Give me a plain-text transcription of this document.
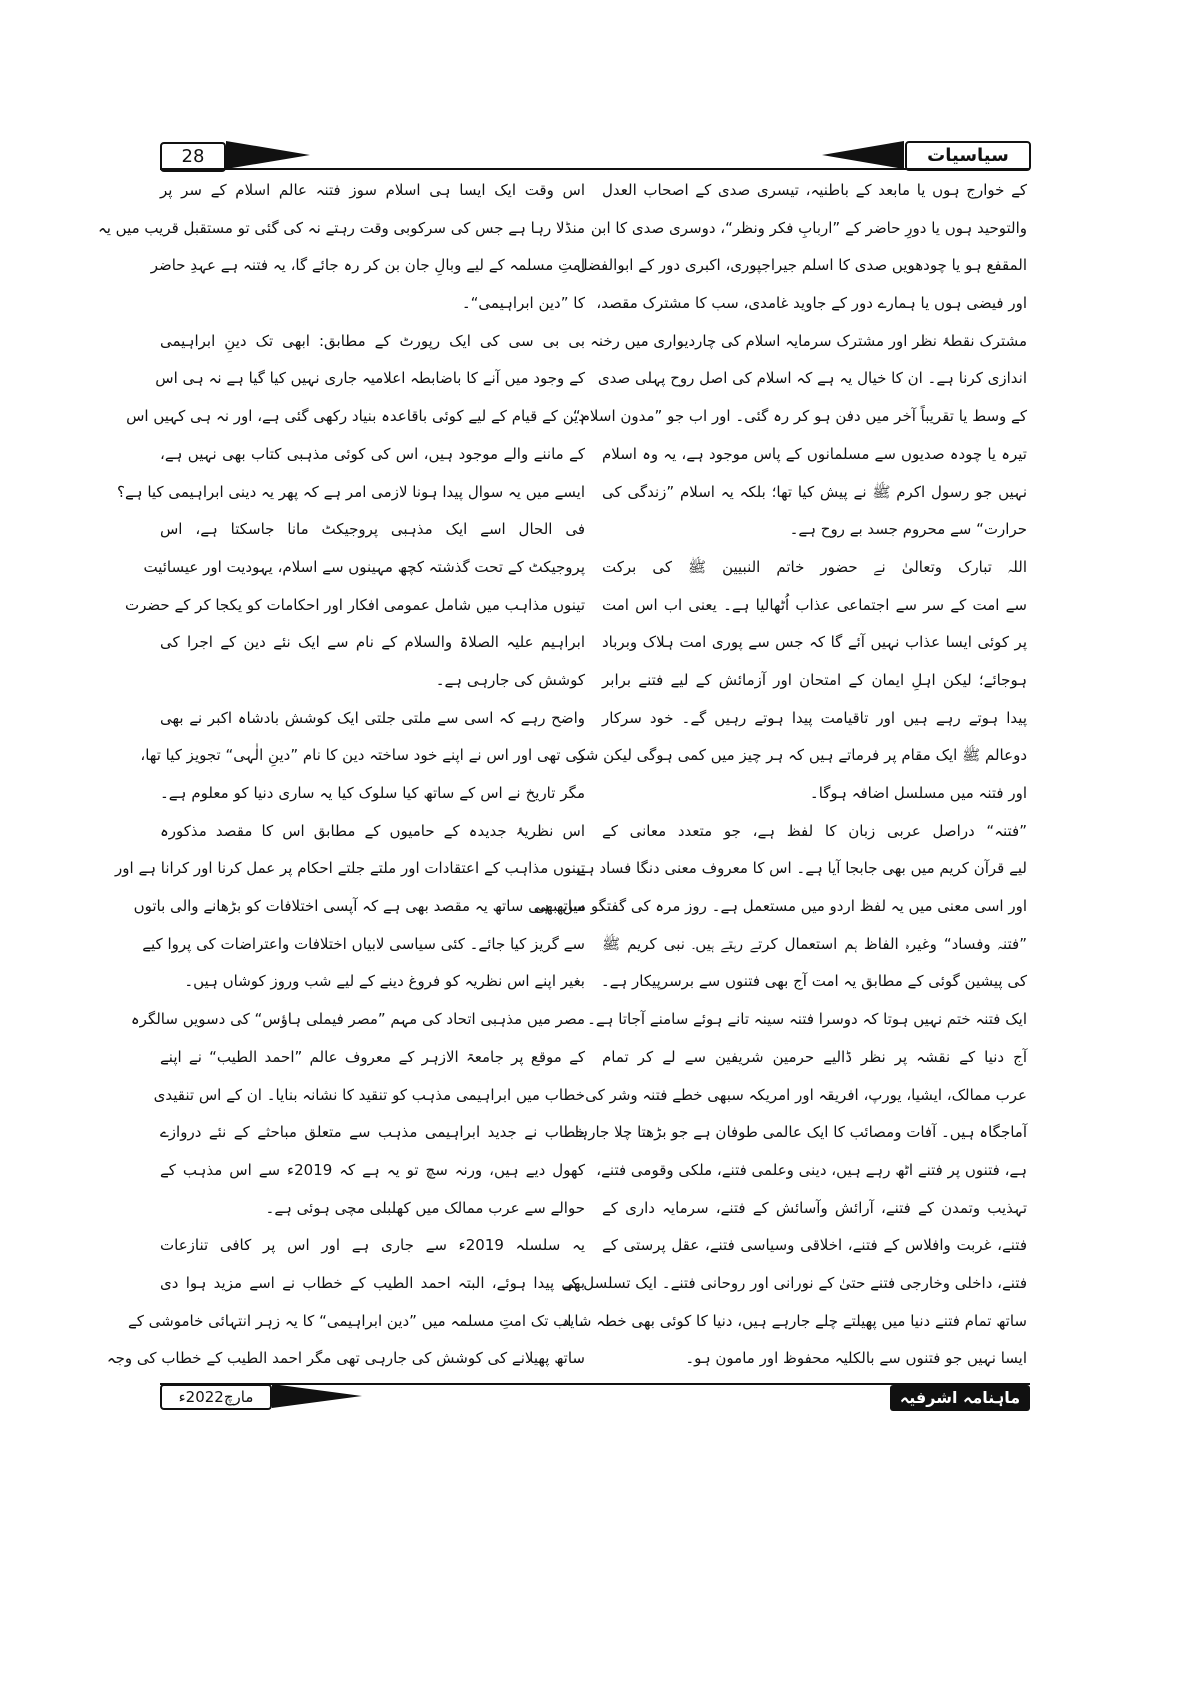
28	سیاسیات
کے خوارج ہوں یا مابعد کے باطنیہ، تیسری صدی کے اصحاب العدل
والتوحید ہوں یا دورِ حاضر کے ”اربابِ فکر ونظر“، دوسری صدی کا ابن
المقفع ہو یا چودھویں صدی کا اسلم جیراجپوری، اکبری دور کے ابوالفضل
اور فیضی ہوں یا ہمارے دور کے جاوید غامدی، سب کا مشترک مقصد،
مشترک نقطۂ نظر اور مشترک سرمایہ اسلام کی چاردیواری میں رخنہ
اندازی کرنا ہے۔ ان کا خیال یہ ہے کہ اسلام کی اصل روح پہلی صدی
کے وسط یا تقریباً آخر میں دفن ہو کر رہ گئی۔ اور اب جو ”مدون اسلام“
تیرہ یا چودہ صدیوں سے مسلمانوں کے پاس موجود ہے، یہ وہ اسلام
نہیں جو رسول اکرم ﷺ نے پیش کیا تھا؛ بلکہ یہ اسلام ”زندگی کی
حرارت“ سے محروم جسد بے روح ہے۔
اللہ تبارک وتعالیٰ نے حضور خاتم النبیین ﷺ کی برکت
سے امت کے سر سے اجتماعی عذاب اُٹھالیا ہے۔ یعنی اب اس امت
پر کوئی ایسا عذاب نہیں آئے گا کہ جس سے پوری امت ہلاک وبرباد
ہوجائے؛ لیکن اہلِ ایمان کے امتحان اور آزمائش کے لیے فتنے برابر
پیدا ہوتے رہے ہیں اور تاقیامت پیدا ہوتے رہیں گے۔ خود سرکار
دوعالم ﷺ ایک مقام پر فرماتے ہیں کہ ہر چیز میں کمی ہوگی لیکن شر
اور فتنہ میں مسلسل اضافہ ہوگا۔
”فتنہ“ دراصل عربی زبان کا لفظ ہے، جو متعدد معانی کے
لیے قرآن کریم میں بھی جابجا آیا ہے۔ اس کا معروف معنی دنگا فساد ہے
اور اسی معنی میں یہ لفظ اردو میں مستعمل ہے۔ روز مرہ کی گفتگو میں بھی
”فتنہ وفساد“ وغیرہ الفاظ ہم استعمال کرتے رہتے ہیں۔ نبی کریم ﷺ
کی پیشین گوئی کے مطابق یہ امت آج بھی فتنوں سے برسرپیکار ہے۔
ایک فتنہ ختم نہیں ہوتا کہ دوسرا فتنہ سینہ تانے ہوئے سامنے آجاتا ہے۔
آج دنیا کے نقشہ پر نظر ڈالیے حرمین شریفین سے لے کر تمام
عرب ممالک، ایشیا، یورپ، افریقہ اور امریکہ سبھی خطے فتنہ وشر کی
آماجگاہ ہیں۔ آفات ومصائب کا ایک عالمی طوفان ہے جو بڑھتا چلا جارہا
ہے، فتنوں پر فتنے اٹھ رہے ہیں، دینی وعلمی فتنے، ملکی وقومی فتنے،
تہذیب وتمدن کے فتنے، آرائش وآسائش کے فتنے، سرمایہ داری کے
فتنے، غربت وافلاس کے فتنے، اخلاقی وسیاسی فتنے، عقل پرستی کے
فتنے، داخلی وخارجی فتنے حتیٰ کے نورانی اور روحانی فتنے۔ ایک تسلسل کے
ساتھ تمام فتنے دنیا میں پھیلتے چلے جارہے ہیں، دنیا کا کوئی بھی خطہ شاید
ایسا نہیں جو فتنوں سے بالکلیہ محفوظ اور مامون ہو۔
اس وقت ایک ایسا ہی اسلام سوز فتنہ عالم اسلام کے سر پر
منڈلا رہا ہے جس کی سرکوبی وقت رہتے نہ کی گئی تو مستقبل قریب میں یہ
امتِ مسلمہ کے لیے وبالِ جان بن کر رہ جائے گا، یہ فتنہ ہے عہدِ حاضر
کا ”دین ابراہیمی“۔
بی بی سی کی ایک رپورٹ کے مطابق: ابھی تک دینِ ابراہیمی
کے وجود میں آنے کا باضابطہ اعلامیہ جاری نہیں کیا گیا ہے نہ ہی اس
دین کے قیام کے لیے کوئی باقاعدہ بنیاد رکھی گئی ہے، اور نہ ہی کہیں اس
کے ماننے والے موجود ہیں، اس کی کوئی مذہبی کتاب بھی نہیں ہے،
ایسے میں یہ سوال پیدا ہونا لازمی امر ہے کہ پھر یہ دینی ابراہیمی کیا ہے؟
فی الحال اسے ایک مذہبی پروجیکٹ مانا جاسکتا ہے، اس
پروجیکٹ کے تحت گذشتہ کچھ مہینوں سے اسلام، یہودیت اور عیسائیت
تینوں مذاہب میں شامل عمومی افکار اور احکامات کو یکجا کر کے حضرت
ابراہیم علیہ الصلاۃ والسلام کے نام سے ایک نئے دین کے اجرا کی
کوشش کی جارہی ہے۔
واضح رہے کہ اسی سے ملتی جلتی ایک کوشش بادشاہ اکبر نے بھی
کی تھی اور اس نے اپنے خود ساختہ دین کا نام ”دینِ الٰہی“ تجویز کیا تھا،
مگر تاریخ نے اس کے ساتھ کیا سلوک کیا یہ ساری دنیا کو معلوم ہے۔
اس نظریۂ جدیدہ کے حامیوں کے مطابق اس کا مقصد مذکورہ
تینوں مذاہب کے اعتقادات اور ملتے جلتے احکام پر عمل کرنا اور کرانا ہے اور
ساتھ ہی ساتھ یہ مقصد بھی ہے کہ آپسی اختلافات کو بڑھانے والی باتوں
سے گریز کیا جائے۔ کئی سیاسی لابیاں اختلافات واعتراضات کی پروا کیے
بغیر اپنے اس نظریہ کو فروغ دینے کے لیے شب وروز کوشاں ہیں۔
مصر میں مذہبی اتحاد کی مہم ”مصر فیملی ہاؤس“ کی دسویں سالگرہ
کے موقع پر جامعۃ الازہر کے معروف عالم ”احمد الطیب“ نے اپنے
خطاب میں ابراہیمی مذہب کو تنقید کا نشانہ بنایا۔ ان کے اس تنقیدی
خطاب نے جدید ابراہیمی مذہب سے متعلق مباحثے کے نئے دروازے
کھول دیے ہیں، ورنہ سچ تو یہ ہے کہ 2019ء سے اس مذہب کے
حوالے سے عرب ممالک میں کھلبلی مچی ہوئی ہے۔
یہ سلسلہ 2019ء سے جاری ہے اور اس پر کافی تنازعات
بھی پیدا ہوئے، البتہ احمد الطیب کے خطاب نے اسے مزید ہوا دی
۔ اب تک امتِ مسلمہ میں ”دین ابراہیمی“ کا یہ زہر انتہائی خاموشی کے
ساتھ پھیلانے کی کوشش کی جارہی تھی مگر احمد الطیب کے خطاب کی وجہ
مارچ2022ء	ماہنامہ اشرفیہ
